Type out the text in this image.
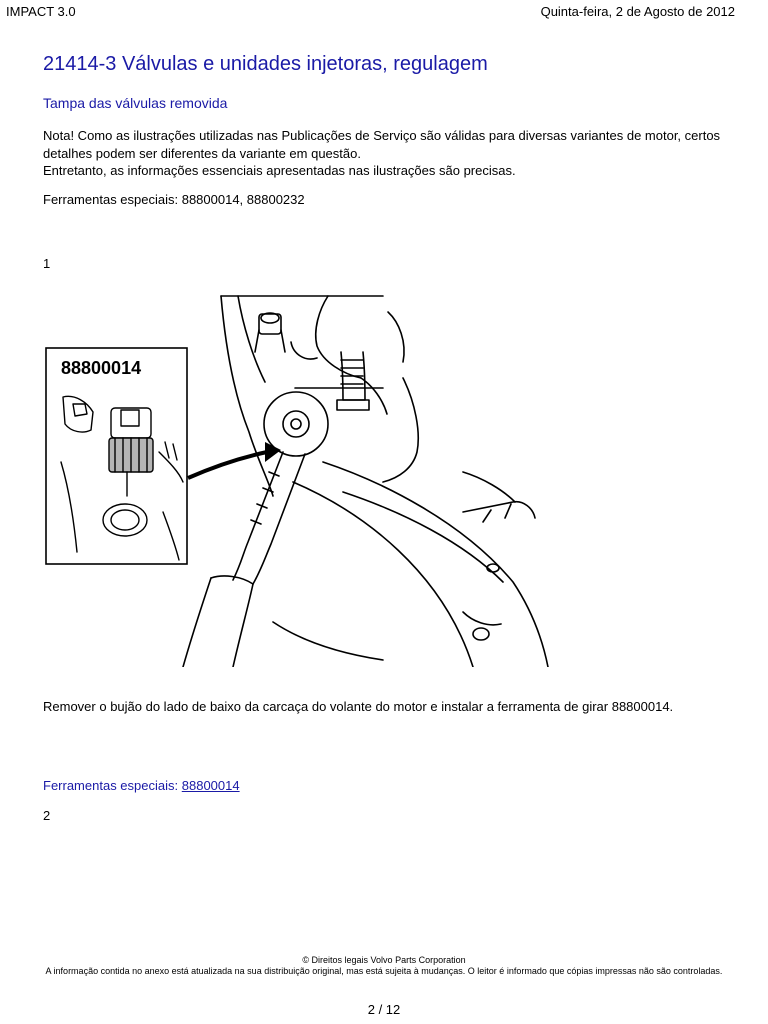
IMPACT 3.0	Quinta-feira, 2 de Agosto de 2012
21414-3 Válvulas e unidades injetoras, regulagem
Tampa das válvulas removida

Nota! Como as ilustrações utilizadas nas Publicações de Serviço são válidas para diversas variantes de motor, certos detalhes podem ser diferentes da variante em questão.

Entretanto, as informações essenciais apresentadas nas ilustrações são precisas.

Ferramentas especiais: 88800014, 88800232
1
88800014
Remover o bujão do lado de baixo da carcaça do volante do motor e instalar a ferramenta de girar 88800014.
Ferramentas especiais: 88800014
2
© Direitos legais Volvo Parts Corporation
A informação contida no anexo está atualizada na sua distribuição original, mas está sujeita à mudanças. O leitor é informado que cópias impressas não são controladas.
2 / 12
